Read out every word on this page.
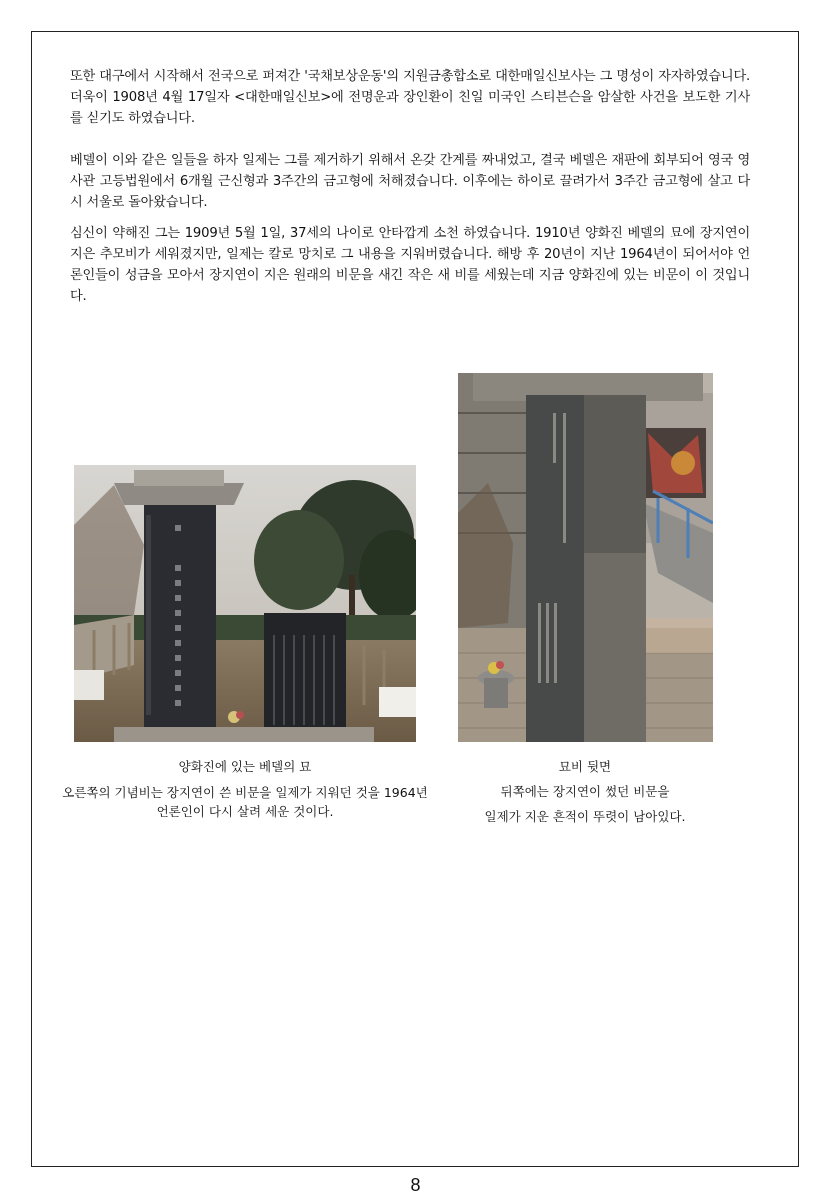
또한 대구에서 시작해서 전국으로 퍼져간 '국채보상운동'의 지원금총합소로 대한매일신보사는 그 명성이 자자하였습니다. 더욱이 1908년 4월 17일자 <대한매일신보>에 전명운과 장인환이 친일 미국인 스티븐슨을 암살한 사건을 보도한 기사를 싣기도 하였습니다.

베델이 이와 같은 일들을 하자 일제는 그를 제거하기 위해서 온갖 간계를 짜내었고, 결국 베델은 재판에 회부되어 영국 영사관 고등법원에서 6개월 근신형과 3주간의 금고형에 처해졌습니다. 이후에는 하이로 끌려가서 3주간 금고형에 살고 다시 서울로 돌아왔습니다.

심신이 약해진 그는 1909년 5월 1일, 37세의 나이로 안타깝게 소천 하였습니다. 1910년 양화진 베델의 묘에 장지연이 지은 추모비가 세워졌지만, 일제는 칼로 망치로 그 내용을 지워버렸습니다. 해방 후 20년이 지난 1964년이 되어서야 언론인들이 성금을 모아서 장지연이 지은 원래의 비문을 새긴 작은 새 비를 세웠는데 지금 양화진에 있는 비문이 이 것입니다.

양화진에 있는 베델의 묘

오른쪽의 기념비는 장지연이 쓴 비문을 일제가 지워던 것을 1964년 언론인이 다시 살려 세운 것이다.

묘비 뒷면

뒤쪽에는 장지연이 썼던 비문을

일제가 지운 흔적이 뚜렷이 남아있다.

8
